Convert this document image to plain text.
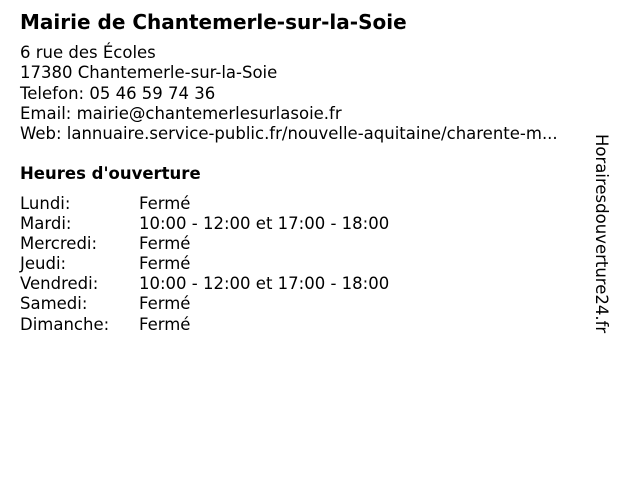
Mairie de Chantemerle-sur-la-Soie
6 rue des Écoles
17380 Chantemerle-sur-la-Soie
Telefon: 05 46 59 74 36
Email: mairie@chantemerlesurlasoie.fr
Web: lannuaire.service-public.fr/nouvelle-aquitaine/charente-m...
Heures d'ouverture
Lundi:	Fermé
Mardi:	10:00 - 12:00 et 17:00 - 18:00
Mercredi:	Fermé
Jeudi:	Fermé
Vendredi:	10:00 - 12:00 et 17:00 - 18:00
Samedi:	Fermé
Dimanche:	Fermé	Horairesdouverture24.fr
